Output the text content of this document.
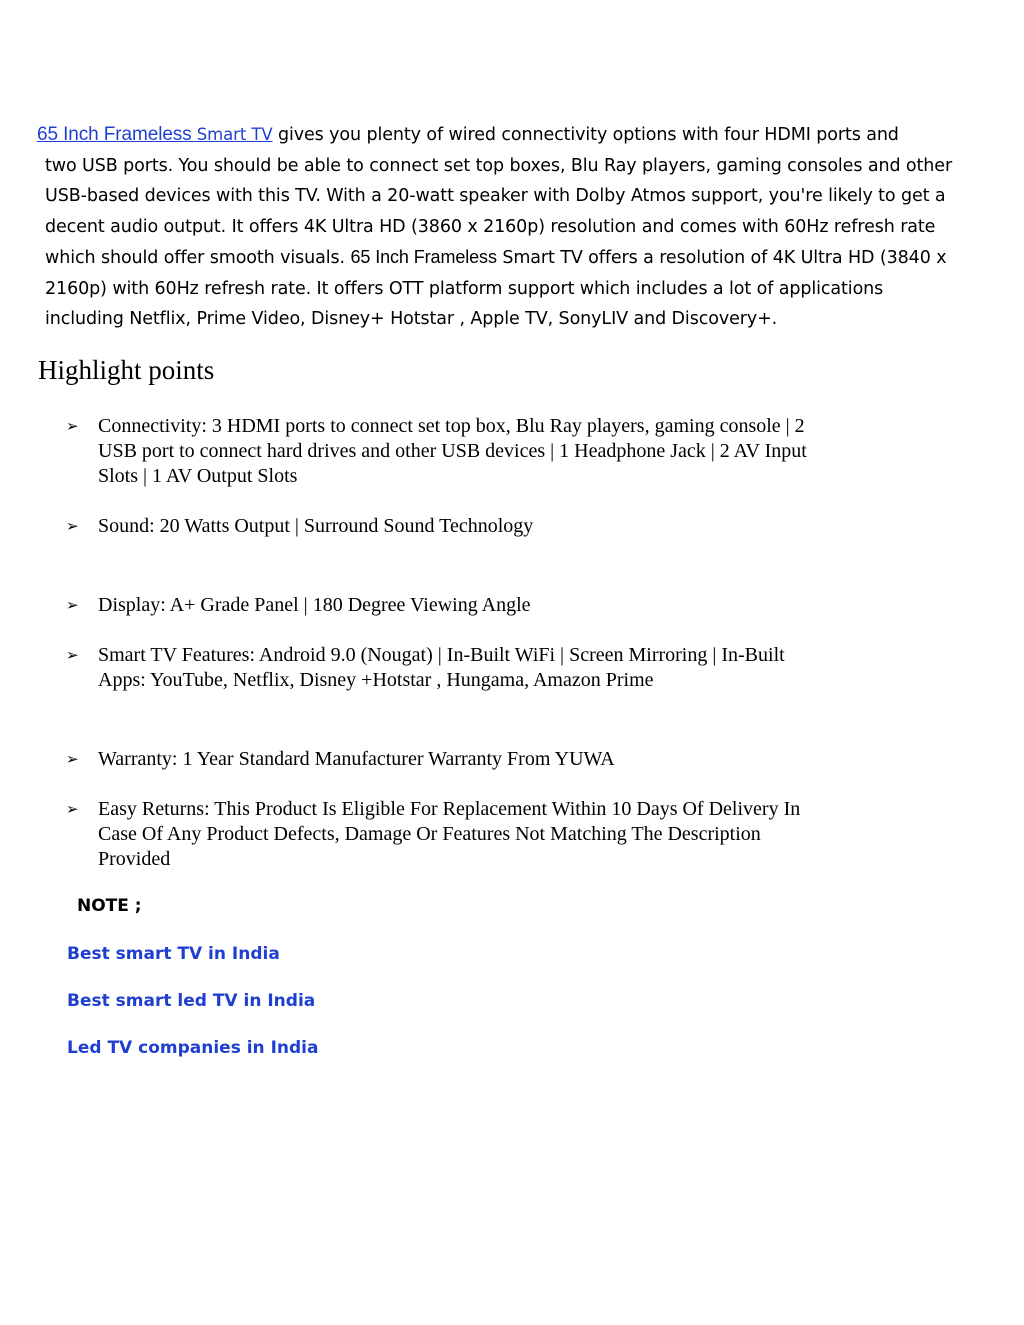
65 Inch Frameless Smart TV gives you plenty of wired connectivity options with four HDMI ports and
two USB ports. You should be able to connect set top boxes, Blu Ray players, gaming consoles and other
USB-based devices with this TV. With a 20-watt speaker with Dolby Atmos support, you're likely to get a
decent audio output. It offers 4K Ultra HD (3860 x 2160p) resolution and comes with 60Hz refresh rate
which should offer smooth visuals. 65 Inch Frameless Smart TV offers a resolution of 4K Ultra HD (3840 x
2160p) with 60Hz refresh rate. It offers OTT platform support which includes a lot of applications
including Netflix, Prime Video, Disney+ Hotstar , Apple TV, SonyLIV and Discovery+.
Highlight points
➢ Connectivity: 3 HDMI ports to connect set top box, Blu Ray players, gaming console | 2
USB port to connect hard drives and other USB devices | 1 Headphone Jack | 2 AV Input
Slots | 1 AV Output Slots
➢ Sound: 20 Watts Output | Surround Sound Technology
➢ Display: A+ Grade Panel | 180 Degree Viewing Angle
➢ Smart TV Features: Android 9.0 (Nougat) | In-Built WiFi | Screen Mirroring | In-Built
Apps: YouTube, Netflix, Disney +Hotstar , Hungama, Amazon Prime
➢ Warranty: 1 Year Standard Manufacturer Warranty From YUWA
➢ Easy Returns: This Product Is Eligible For Replacement Within 10 Days Of Delivery In
Case Of Any Product Defects, Damage Or Features Not Matching The Description
Provided

NOTE ;

Best smart TV in India
Best smart led TV in India
Led TV companies in India
